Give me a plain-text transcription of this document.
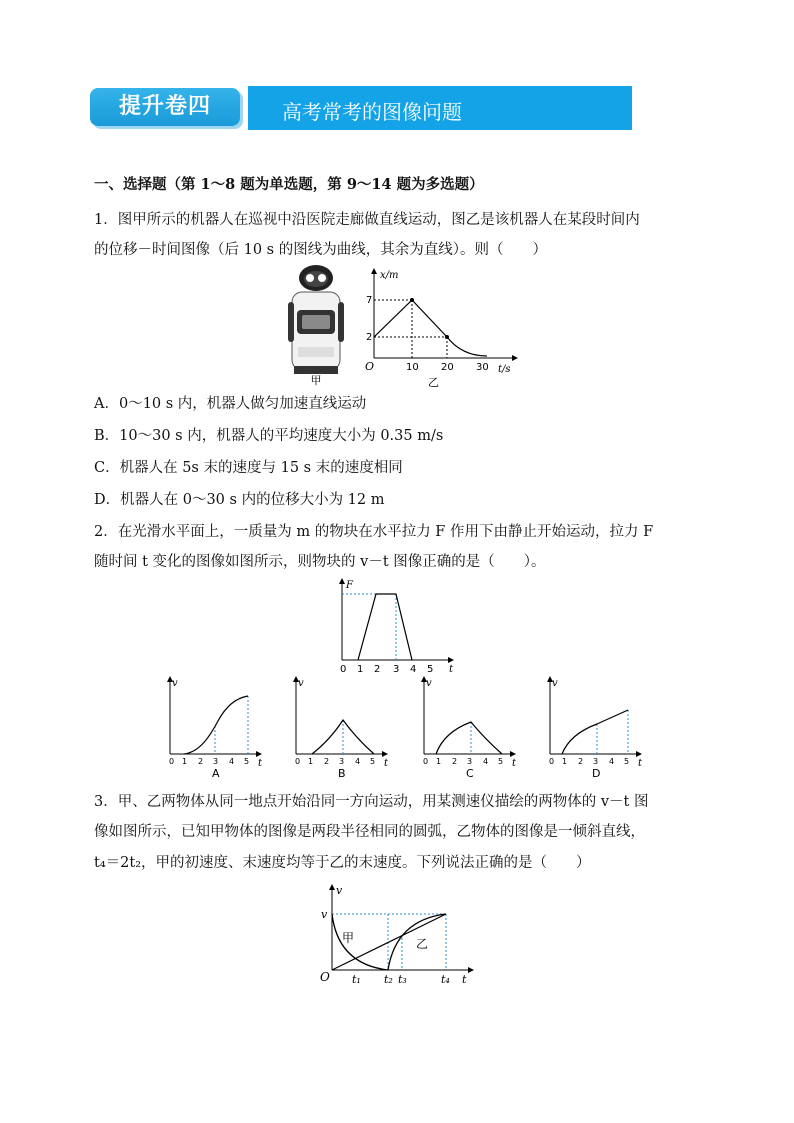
提升卷四	高考常考的图像问题
一、选择题（第 1～8 题为单选题，第 9～14 题为多选题）
1．图甲所示的机器人在巡视中沿医院走廊做直线运动，图乙是该机器人在某段时间内
的位移－时间图像（后 10 s 的图线为曲线，其余为直线）。则（　　）
甲
x/m
t/s
O
7
2
10 20 30
乙
A．0～10 s 内，机器人做匀加速直线运动
B．10～30 s 内，机器人的平均速度大小为 0.35 m/s
C．机器人在 5s 末的速度与 15 s 末的速度相同
D．机器人在 0～30 s 内的位移大小为 12 m
2．在光滑水平面上，一质量为 m 的物块在水平拉力 F 作用下由静止开始运动，拉力 F
随时间 t 变化的图像如图所示，则物块的 v－t 图像正确的是（　　）。
F
t
0 1 2 3 4 5
v
t
0 1 2 3 4 5
A
v
t
0 1 2 3 4 5
B
v
t
0 1 2 3 4 5
C
v
t
0 1 2 3 4 5
D
3．甲、乙两物体从同一地点开始沿同一方向运动，用某测速仪描绘的两物体的 v－t 图
像如图所示，已知甲物体的图像是两段半径相同的圆弧，乙物体的图像是一倾斜直线，
t₄＝2t₂，甲的初速度、末速度均等于乙的末速度。下列说法正确的是（　　）
v
t
O
v
甲	乙
t₁ t₂ t₃	t₄
